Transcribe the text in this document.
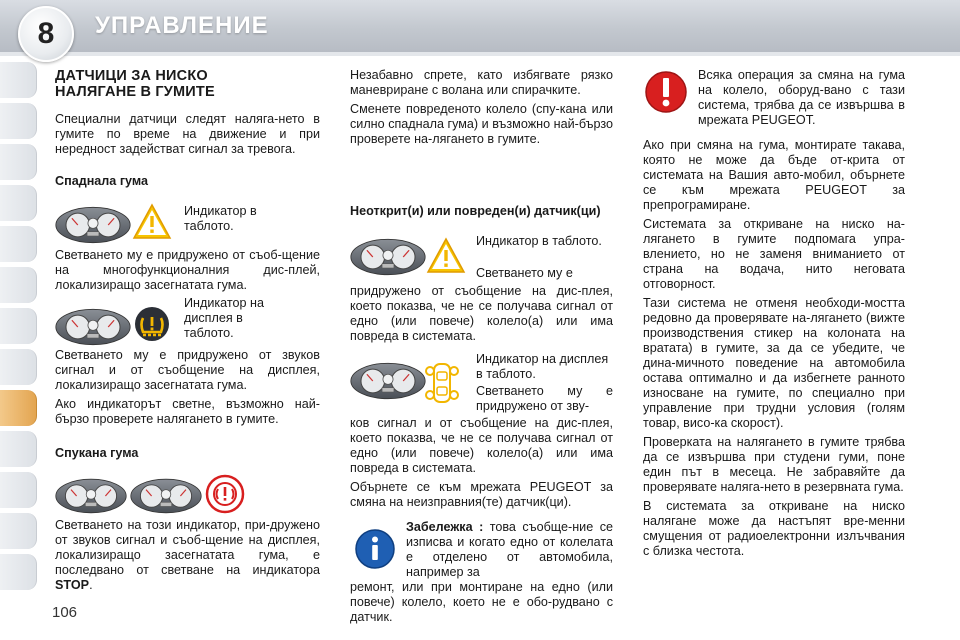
8	УПРАВЛЕНИЕ
ДАТЧИЦИ ЗА НИСКО
НАЛЯГАНЕ В ГУМИТЕ

Специални датчици следят наляга-нето в гумите по време на движение и при нередност задействат сигнал за тревога.

Спаднала гума
Индикатор в таблото.

Светването му е придружено от съоб-щение на многофункционалния дис-плей, локализиращо засегнатата гума.

Индикатор на дисплея в таблото.

Светването му е придружено от звуков сигнал и от съобщение на дисплея, локализиращо засегнатата гума.

Ако индикаторът светне, възможно най-бързо проверете налягането в гумите.

Спукана гума

Светването на този индикатор, при-дружено от звуков сигнал и съоб-щение на дисплея, локализиращо засегнатата гума, е последвано от светване на индикатора STOP.

106

Незабавно спрете, като избягвате рязко маневриране с волана или спирачките.

Сменете повреденото колело (спу-кана или силно спаднала гума) и възможно най-бързо проверете на-лягането в гумите.

Неоткрит(и) или повреден(и) датчик(ци)
Индикатор в таблото.
Светването му е

придружено от съобщение на дис-плея, което показва, че не се получава сигнал от едно (или повече) колело(а) или има повреда в системата.

Индикатор на дисплея в таблото.
Светването му е придружено от зву-

ков сигнал и от съобщение на дис-плея, което показва, че не се получава сигнал от едно (или повече) колело(а) или има повреда в системата.

Обърнете се към мрежата PEUGEOT за смяна на неизправния(те) датчик(ци).

Забележка : това съобще-ние се изписва и когато едно от колелата е отделено от автомобила, например за

ремонт, или при монтиране на едно (или повече) колело, което не е обо-рудвано с датчик.

Всяка операция за смяна на гума на колело, оборуд-вано с тази система, трябва да се извършва в мрежата PEUGEOT.

Ако при смяна на гума, монтирате такава, която не може да бъде от-крита от системата на Вашия авто-мобил, обърнете се към мрежата PEUGEOT за препрограмиране.

Системата за откриване на ниско на-ляганeто в гумите подпомага упра-влението, но не заменя вниманието от страна на водача, нито неговата отговорност.

Тази система не отменя необходи-мостта редовно да проверявате на-лягането (вижте производствения стикер на колоната на вратата) в гумите, за да се убедите, че дина-мичното поведение на автомобила остава оптимално и да избегнете ранното износване на гумите, по специално при управление при трудни условия (голям товар, висо-ка скорост).

Проверката на налягането в гумите трябва да се извършва при студени гуми, поне един път в месеца. Не забравяйте да проверявате наляга-нето в резервната гума.

В системата за откриване на ниско налягане може да настъпят вре-менни смущения от радиоелектронни излъчвания с близка честота.
